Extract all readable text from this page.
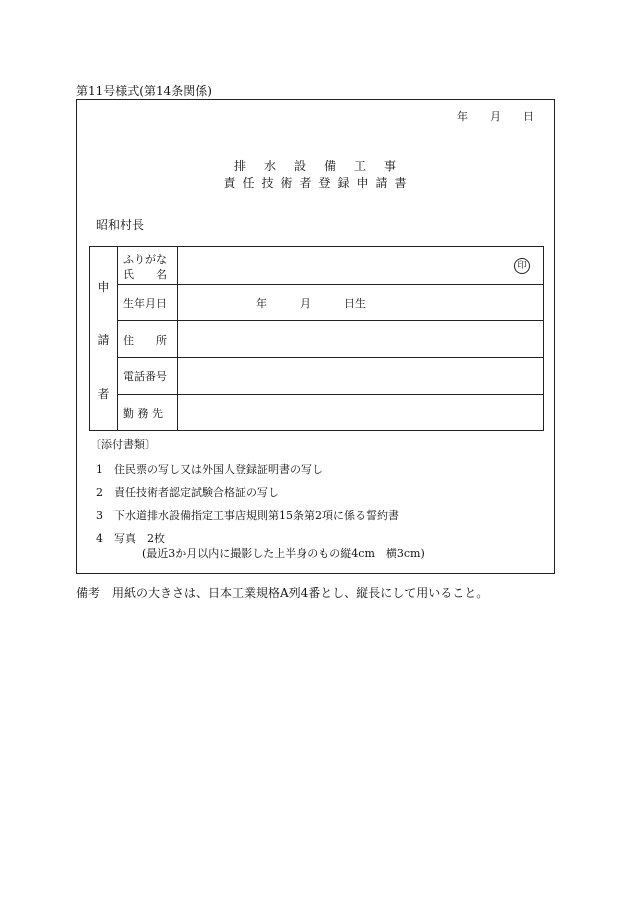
第11号様式(第14条関係)
年　　月　　日
排水設備工事
責任技術者登録申請書
昭和村長
申
請
者
ふりがな
氏　　名
印
生年月日	年　　　月　　　日生
住　　所
電話番号
勤 務 先
〔添付書類〕
1　住民票の写し又は外国人登録証明書の写し
2　責任技術者認定試験合格証の写し
3　下水道排水設備指定工事店規則第15条第2項に係る誓約書
4　写真　2枚
(最近3か月以内に撮影した上半身のもの縦4cm　横3cm)
備考　用紙の大きさは、日本工業規格A列4番とし、縦長にして用いること。
